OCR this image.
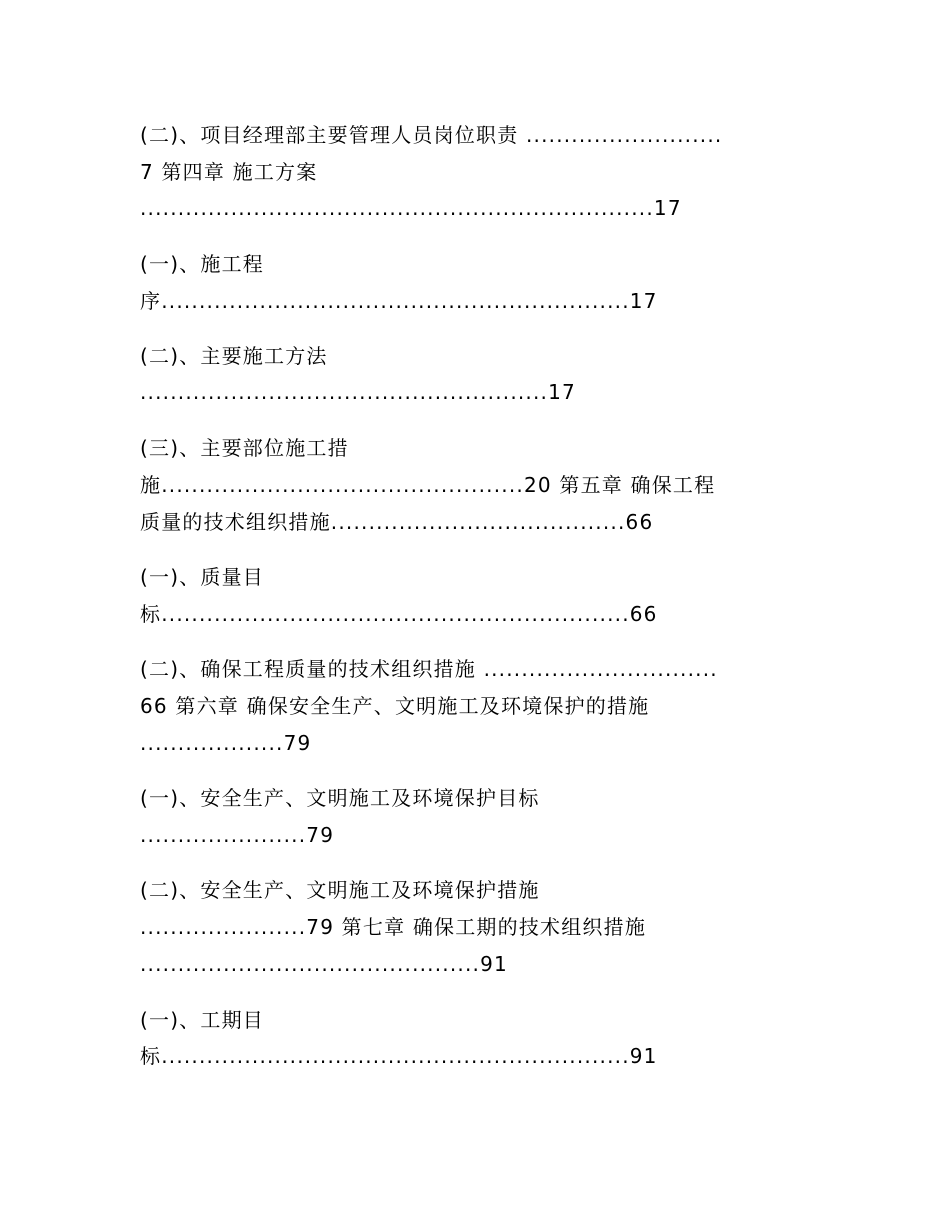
(二)、项目经理部主要管理人员岗位职责 ..........................
7 第四章 施工方案
....................................................................17
(一)、施工程
序..............................................................17
(二)、主要施工方法
......................................................17
(三)、主要部位施工措
施................................................20 第五章 确保工程
质量的技术组织措施.......................................66
(一)、质量目
标..............................................................66
(二)、确保工程质量的技术组织措施 ...............................
66 第六章 确保安全生产、文明施工及环境保护的措施
...................79
(一)、安全生产、文明施工及环境保护目标
......................79
(二)、安全生产、文明施工及环境保护措施
......................79 第七章 确保工期的技术组织措施
.............................................91
(一)、工期目
标..............................................................91
